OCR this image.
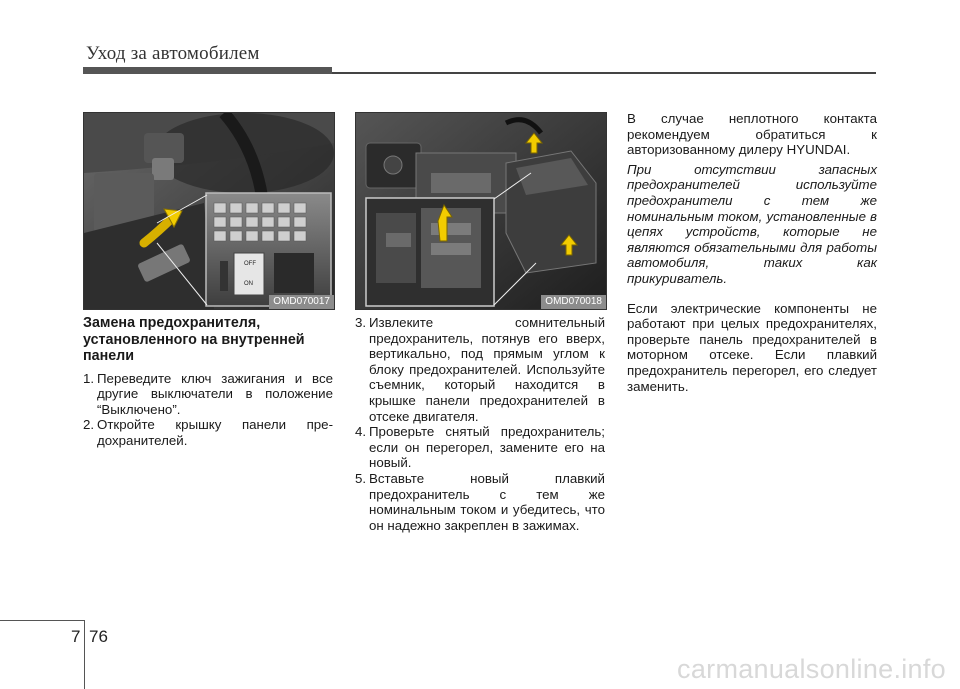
Уход за автомобилем
OFF
ON
OMD070017	OMD070018
Замена предохранителя, установленного на внутренней панели
1. Переведите ключ зажигания и все другие выключатели в положение “Выключено”.
2. Откройте крышку панели пре-дохранителей.
3. Извлеките сомнительный предохранитель, потянув его вверх, вертикально, под прямым углом к блоку предохранителей. Используйте съемник, который находится в крышке панели предохранителей в отсеке двигателя.
4. Проверьте снятый предохранитель; если он перегорел, замените его на новый.
5. Вставьте новый плавкий предохранитель с тем же номинальным током и убедитесь, что он надежно закреплен в зажимах.

В случае неплотного контакта рекомендуем обратиться к авторизованному дилеру HYUNDAI.

При отсутствии запасных предохранителей используйте предохранители с тем же номинальным током, установленные в цепях устройств, которые не являются обязательными для работы автомобиля, таких как прикуриватель.

Если электрические компоненты не работают при целых предохранителях, проверьте панель предохранителей в моторном отсеке. Если плавкий предохранитель перегорел, его следует заменить.

7 76
carmanualsonline.info
